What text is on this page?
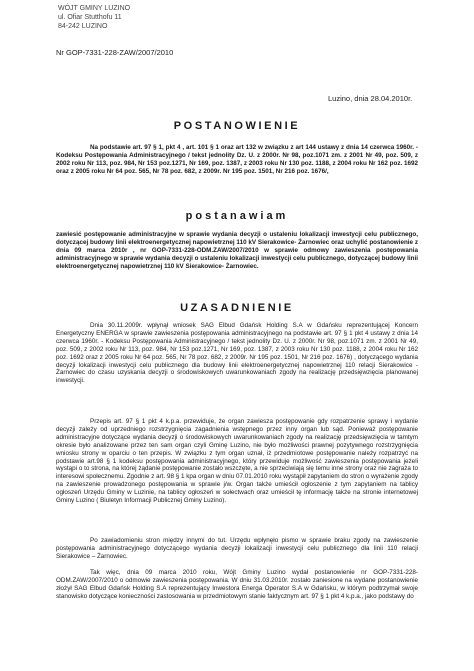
WÓJT GMINY LUZINO
ul. Ofiar Stutthofu 11
84-242 LUZINO
Nr GOP-7331-228-ZAW/2007/2010
Luzino, dnia 28.04.2010r.
POSTANOWIENIE
Na podstawie art. 97 § 1, pkt 4 , art. 101 § 1 oraz art 132 w związku z art 144 ustawy z dnia 14 czerwca 1960r. - Kodeksu Postępowania Administracyjnego / tekst jednolity Dz. U. z 2000r. Nr 98, poz.1071 zm. z 2001 Nr 49, poz. 509, z 2002 roku Nr 113, poz. 984, Nr 153 poz.1271, Nr 169, poz. 1387, z 2003 roku Nr 130 poz. 1188, z 2004 roku Nr 162 poz. 1692 oraz z 2005 roku Nr 64 poz. 565, Nr 78 poz. 682, z 2009r. Nr 195 poz. 1501, Nr 216 poz. 1676/,
postanawiam
zawiesić postępowanie administracyjne w sprawie wydania decyzji o ustaleniu lokalizacji inwestycji celu publicznego, dotyczącej budowy linii elektroenergetycznej napowietrznej 110 kV Sierakowice- Żarnowiec oraz uchylić postanowienie z dnia 09 marca 2010r , nr GOP-7331-228-ODM.ZAW/2007/2010 w sprawie odmowy zawieszenia postępowania administracyjnego w sprawie wydania decyzji o ustaleniu lokalizacji inwestycji celu publicznego, dotyczącej budowy linii elektroenergetycznej napowietrznej 110 kV Sierakowice- Żarnowiec.
UZASADNIENIE
Dnia 30.11.2009r. wpłynął wniosek SAG Elbud Gdańsk Holding S.A w Gdańsku reprezentującej Koncern Energetyczny ENERGA w sprawie zawieszenia postępowania administracyjnego na podstawie art. 97 § 1 pkt 4 ustawy z dnia 14 czerwca 1960r. - Kodeksu Postępowania Administracyjnego / tekst jednolity Dz. U. z 2000r. Nr 98, poz.1071 zm. z 2001 Nr 49, poz. 509, z 2002 roku Nr 113, poz. 984, Nr 153 poz.1271, Nr 169, poz. 1387, z 2003 roku Nr 130 poz. 1188, z 2004 roku Nr 162 poz. 1692 oraz z 2005 roku Nr 64 poz. 565, Nr 78 poz. 682, z 2009r. Nr 195 poz. 1501, Nr 216 poz. 1676) , dotyczącego wydania decyzji lokalizacji inwestycji celu publicznego dla budowy linii elektroenergetycznej napowietrznej 110 relacji Sierakowice - Żarnowiec do czasu uzyskania decyzji o środowiskowych uwarunkowaniach zgody na realizację przedsięwzięcia planowanej inwestycji.
Przepis art. 97 § 1 pkt 4 k.p.a. przewiduje, że organ zawiesza postępowanie gdy rozpatrzenie sprawy i wydanie decyzji zależy od uprzedniego rozstrzygnięcia zagadnienia wstępnego przez inny organ lub sąd. Ponieważ postępowanie administracyjne dotyczące wydania decyzji o środowiskowych uwarunkowaniach zgody na realizację przedsięwzięcia w tamtym okresie było analizowane przez ten sam organ czyli Gminę Luzino, nie było możliwości prawnej pozytywnego rozstrzygnięcia wniosku strony w oparciu o ten przepis. W związku z tym organ uznał, iż przedmiotowe postępowanie należy rozpatrzyć na podstawie art.98 § 1 kodeksu postępowania administracyjnego, który przewiduje możliwość zawieszenia postępowania jeżeli wystąpi o to strona, na której żądanie postępowanie zostało wszczęte, a nie sprzeciwiają się temu inne strony oraz nie zagraża to interesowi społecznemu. Zgodnie z art. 98 § 1 kpa organ w dniu 07.01.2010 roku wystąpił zapytaniem do stron o wyrażenie zgody na zawieszenie prowadzonego postępowania w sprawie j/w. Organ także umieścił ogłoszenie z tym zapytaniem na tablicy ogłoszeń Urzędu Gminy w Luzinie, na tablicy ogłoszeń w sołectwach oraz umieścił tę informację także na stronie internetowej Gminy Luzino ( Biuletyn Informacji Publicznej Gminy Luzino).
Po zawiadomieniu stron między innymi do tut. Urzędu wpłynęło pismo w sprawie braku zgody na zawieszenie postępowania administracyjnego dotyczącego wydania decyzji lokalizacji inwestycji celu publicznego dla linii 110 relacji Sierakowice – Żarnowiec.
Tak więc, dnia 09 marca 2010 roku, Wójt Gminy Luzino wydał postanowienie nr GOP-7331-228-ODM.ZAW/2007/2010 o odmowie zawieszenia postępowania. W dniu 31.03.2010r. zostało zaniesione na wydane postanowienie złożył SAG Elbud Gdańsk Holding S.A reprezentujący Inwestora Energa Operator S.A w Gdańsku, w którym podtrzymał swoje stanowisko dotyczące konieczności zastosowania w przedmiotowym stanie faktycznym art. 97 § 1 pkt 4 k.p.a., jako podstawy do
